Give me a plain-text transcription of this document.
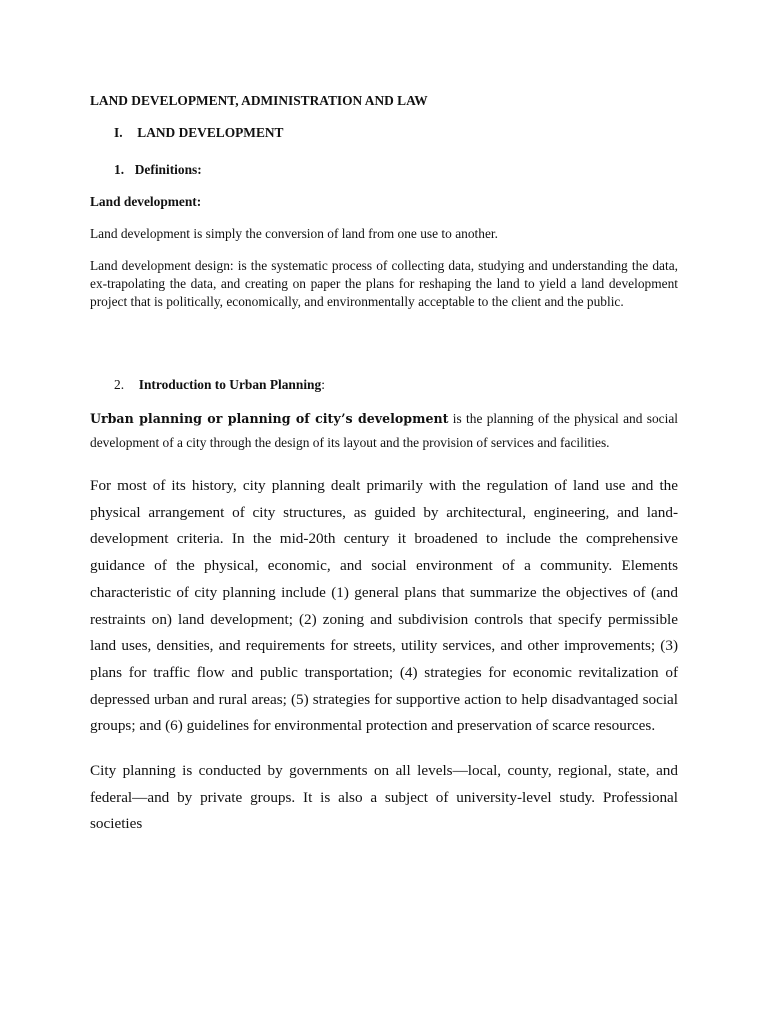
LAND DEVELOPMENT, ADMINISTRATION AND LAW

I. LAND DEVELOPMENT

1. Definitions:

Land development:

Land development is simply the conversion of land from one use to another.

Land development design: is the systematic process of collecting data, studying and understanding the data, ex-trapolating the data, and creating on paper the plans for reshaping the land to yield a land development project that is politically, economically, and environmentally acceptable to the client and the public.

2. Introduction to Urban Planning:

Urban planning or planning of city’s development is the planning of the physical and social development of a city through the design of its layout and the provision of services and facilities.

For most of its history, city planning dealt primarily with the regulation of land use and the physical arrangement of city structures, as guided by architectural, engineering, and land-development criteria. In the mid-20th century it broadened to include the comprehensive guidance of the physical, economic, and social environment of a community. Elements characteristic of city planning include (1) general plans that summarize the objectives of (and restraints on) land development; (2) zoning and subdivision controls that specify permissible land uses, densities, and requirements for streets, utility services, and other improvements; (3) plans for traffic flow and public transportation; (4) strategies for economic revitalization of depressed urban and rural areas; (5) strategies for supportive action to help disadvantaged social groups; and (6) guidelines for environmental protection and preservation of scarce resources.

City planning is conducted by governments on all levels—local, county, regional, state, and federal—and by private groups. It is also a subject of university-level study. Professional societies
